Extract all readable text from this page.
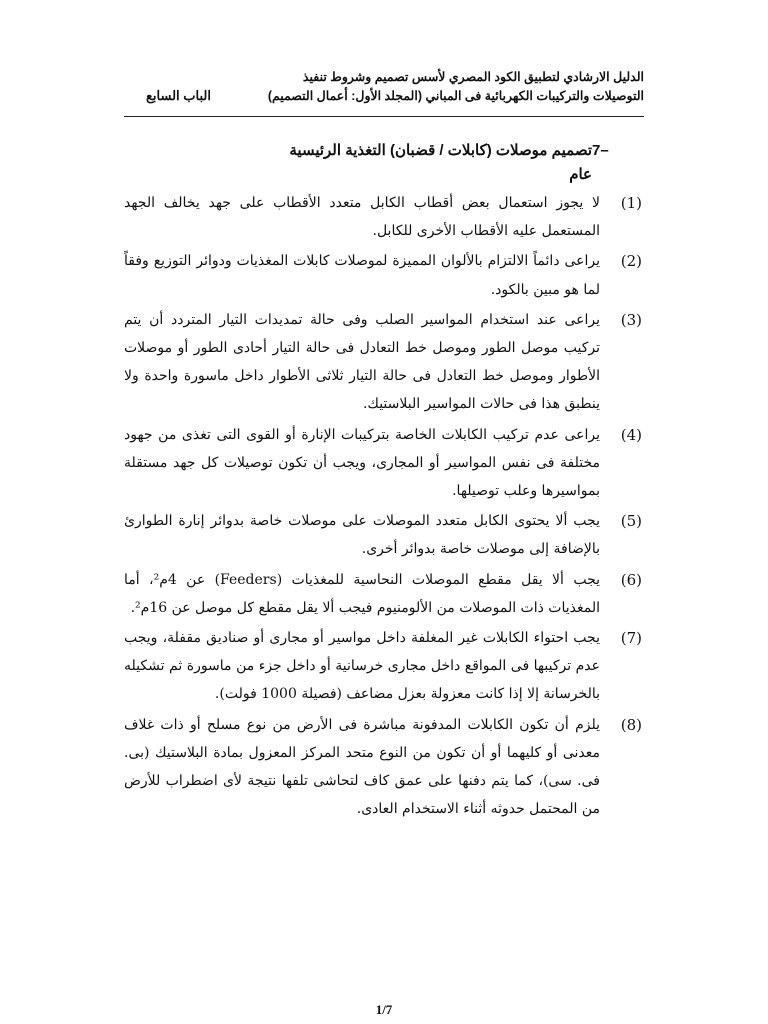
الدليل الارشادي لتطبيق الكود المصري لأسس تصميم وشروط تنفيذ
التوصيلات والتركيبات الكهربائية فى المباني (المجلد الأول: أعمال التصميم)
الباب السابع
7–
تصميم موصلات (كابلات / قضبان) التغذية الرئيسية
عام
(1)
لا يجوز استعمال بعض أقطاب الكابل متعدد الأقطاب على جهد يخالف الجهد المستعمل عليه الأقطاب الأخرى للكابل.
(2)
يراعى دائماً الالتزام بالألوان المميزة لموصلات كابلات المغذيات ودوائر التوزيع وفقاً لما هو مبين بالكود.
(3)
يراعى عند استخدام المواسير الصلب وفى حالة تمديدات التيار المتردد أن يتم تركيب موصل الطور وموصل خط التعادل فى حالة التيار أحادى الطور أو موصلات الأطوار وموصل خط التعادل فى حالة التيار ثلاثى الأطوار داخل ماسورة واحدة ولا ينطبق هذا فى حالات المواسير البلاستيك.
(4)
يراعى عدم تركيب الكابلات الخاصة بتركيبات الإنارة أو القوى التى تغذى من جهود مختلفة فى نفس المواسير أو المجارى، ويجب أن تكون توصيلات كل جهد مستقلة بمواسيرها وعلب توصيلها.
(5)
يجب ألا يحتوى الكابل متعدد الموصلات على موصلات خاصة بدوائر إنارة الطوارئ بالإضافة إلى موصلات خاصة بدوائر أخرى.
(6)
يجب ألا يقل مقطع الموصلات النحاسية للمغذيات (Feeders) عن 4م²، أما المغذيات ذات الموصلات من الألومنيوم فيجب ألا يقل مقطع كل موصل عن 16م².
(7)
يجب احتواء الكابلات غير المغلفة داخل مواسير أو مجارى أو صناديق مقفلة، ويجب عدم تركيبها فى المواقع داخل مجارى خرسانية أو داخل جزء من ماسورة ثم تشكيله بالخرسانة إلا إذا كانت معزولة بعزل مضاعف (فصيلة 1000 فولت).
(8)
يلزم أن تكون الكابلات المدفونة مباشرة فى الأرض من نوع مسلح أو ذات غلاف معدنى أو كليهما أو أن تكون من النوع متحد المركز المعزول بمادة البلاستيك (بى. فى. سى)، كما يتم دفنها على عمق كاف لتحاشى تلفها نتيجة لأى اضطراب للأرض من المحتمل حدوثه أثناء الاستخدام العادى.
1/7
